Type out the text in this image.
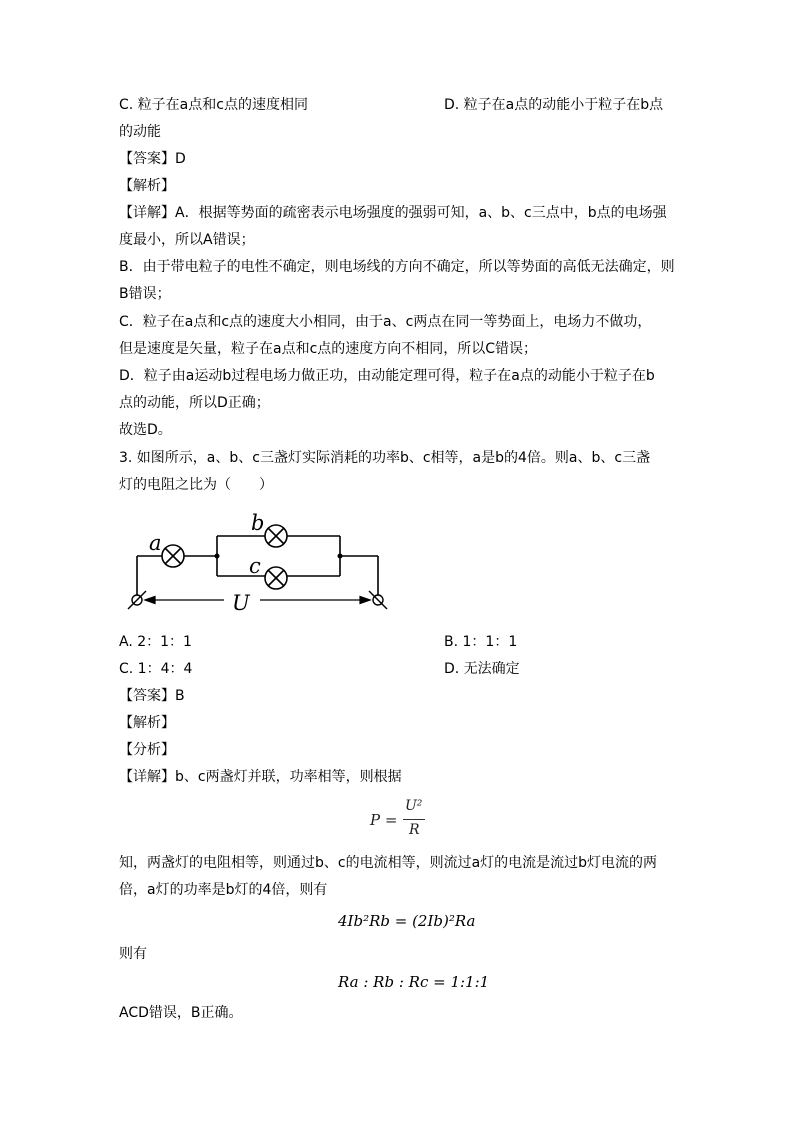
C. 粒子在a点和c点的速度相同	D. 粒子在a点的动能小于粒子在b点
的动能
【答案】D
【解析】
【详解】A．根据等势面的疏密表示电场强度的强弱可知，a、b、c三点中，b点的电场强
度最小，所以A错误；
B．由于带电粒子的电性不确定，则电场线的方向不确定，所以等势面的高低无法确定，则
B错误；
C．粒子在a点和c点的速度大小相同，由于a、c两点在同一等势面上，电场力不做功，
但是速度是矢量，粒子在a点和c点的速度方向不相同，所以C错误；
D．粒子由a运动b过程电场力做正功，由动能定理可得，粒子在a点的动能小于粒子在b
点的动能，所以D正确；
故选D。
3. 如图所示，a、b、c三盏灯实际消耗的功率b、c相等，a是b的4倍。则a、b、c三盏
灯的电阻之比为（　　）
a
b
c
U
A. 2：1：1	B. 1：1：1
C. 1：4：4	D. 无法确定
【答案】B
【解析】
【分析】
【详解】b、c两盏灯并联，功率相等，则根据
P =
U²
R
知，两盏灯的电阻相等，则通过b、c的电流相等，则流过a灯的电流是流过b灯电流的两
倍，a灯的功率是b灯的4倍，则有
4Ib²Rb = (2Ib)²Ra
则有
Ra : Rb : Rc = 1:1:1
ACD错误，B正确。
